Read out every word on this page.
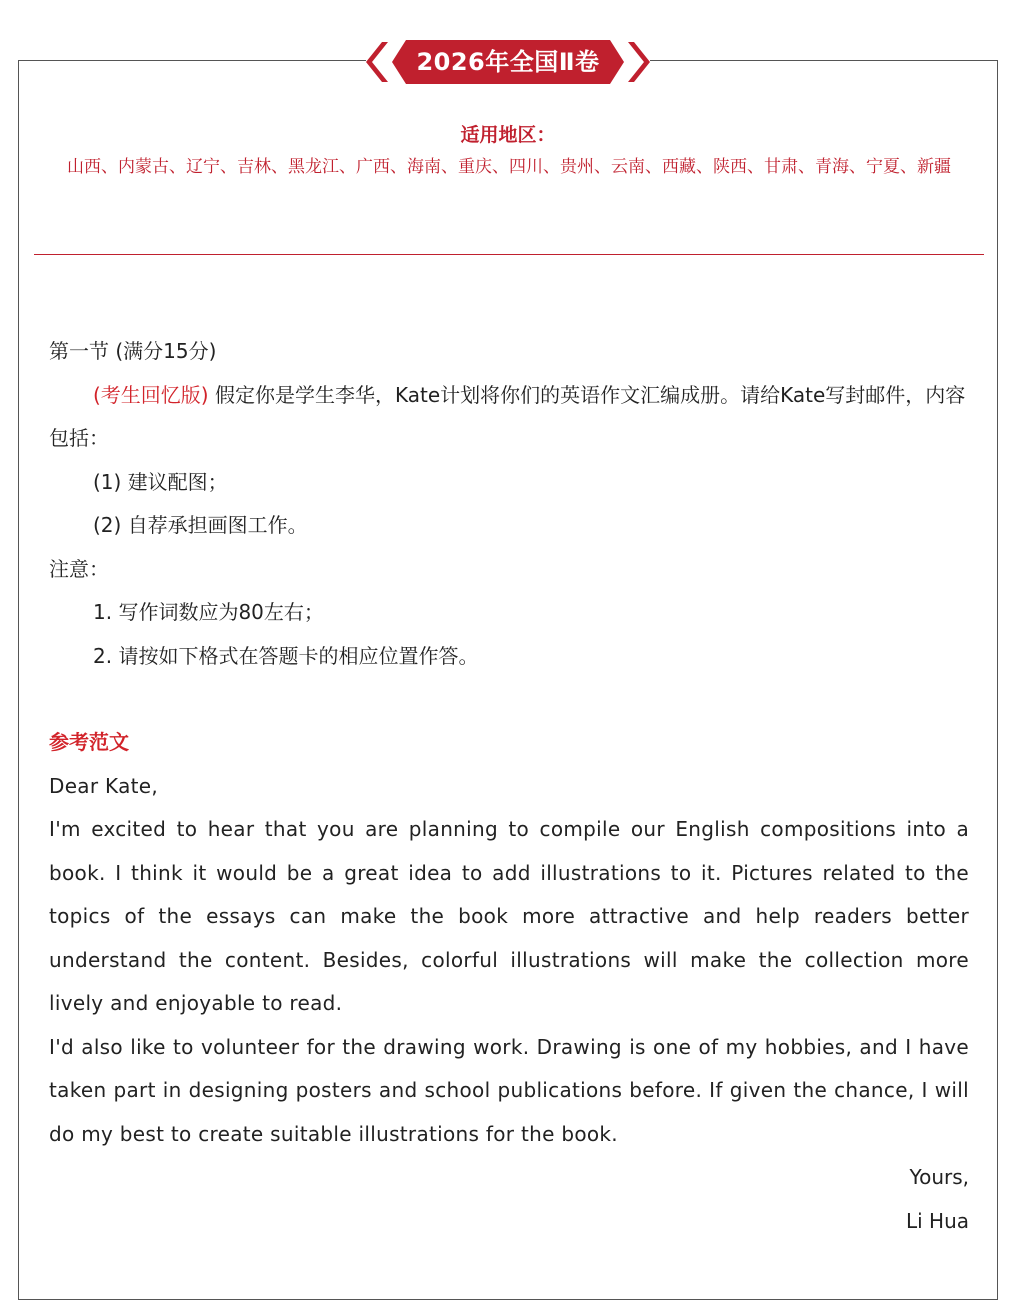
2026年全国Ⅱ卷
适用地区：
山西、内蒙古、辽宁、吉林、黑龙江、广西、海南、重庆、四川、贵州、云南、西藏、陕西、甘肃、青海、宁夏、新疆

第一节 (满分15分)

(考生回忆版) 假定你是学生李华，Kate计划将你们的英语作文汇编成册。请给Kate写封邮件，内容包括：

(1) 建议配图；

(2) 自荐承担画图工作。

注意：

1. 写作词数应为80左右；

2. 请按如下格式在答题卡的相应位置作答。

参考范文

Dear Kate,

I'm excited to hear that you are planning to compile our English compositions into a book. I think it would be a great idea to add illustrations to it. Pictures related to the topics of the essays can make the book more attractive and help readers better understand the content. Besides, colorful illustrations will make the collection more lively and enjoyable to read.

I'd also like to volunteer for the drawing work. Drawing is one of my hobbies, and I have taken part in designing posters and school publications before. If given the chance, I will do my best to create suitable illustrations for the book.

Yours,

Li Hua
